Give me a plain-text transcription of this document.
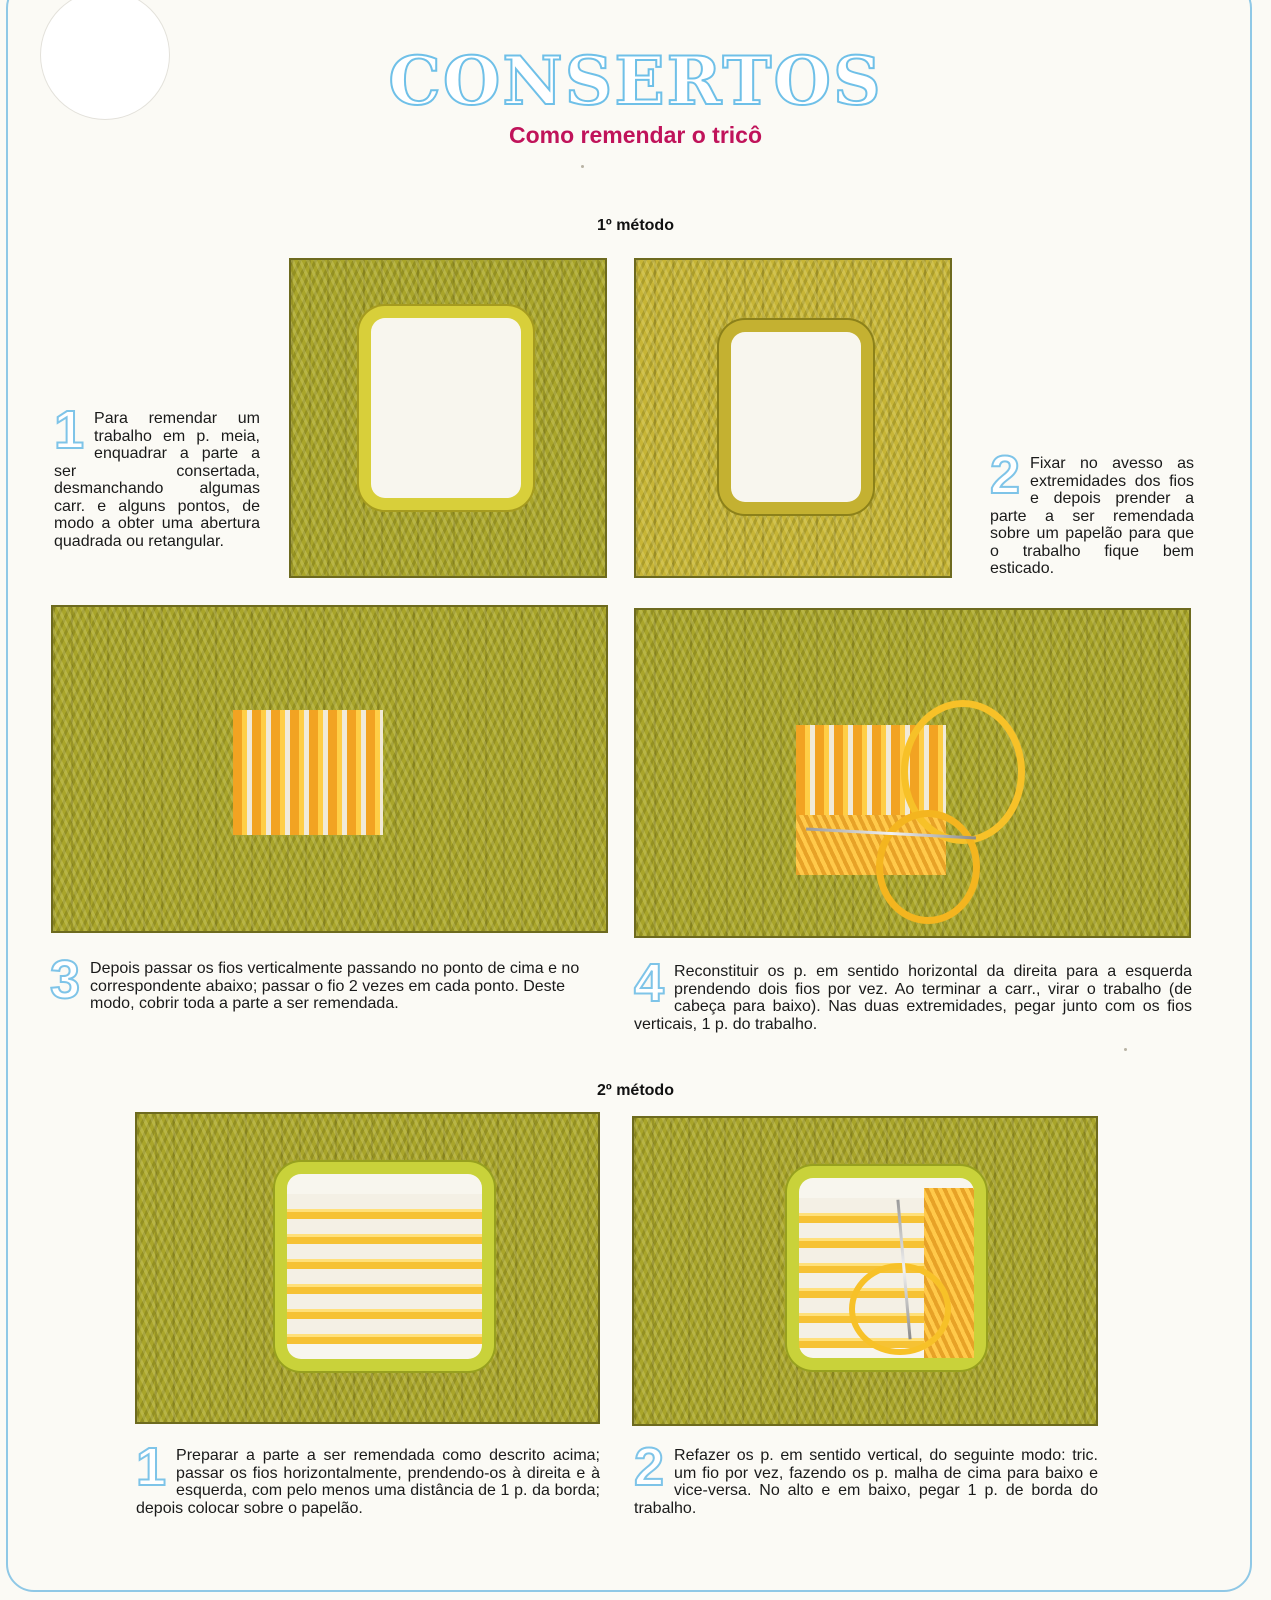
CONSERTOS
Como remendar o tricô
1º método
1 Para remendar um trabalho em p. meia, enquadrar a parte a ser consertada, desmanchando algumas carr. e alguns pontos, de modo a obter uma abertura quadrada ou retangular.
2 Fixar no avesso as extremidades dos fios e depois prender a parte a ser remendada sobre um papelão para que o trabalho fique bem esticado.
3 Depois passar os fios verticalmente passando no ponto de cima e no correspondente abaixo; passar o fio 2 vezes em cada ponto. Deste modo, cobrir toda a parte a ser remendada.	4 Reconstituir os p. em sentido horizontal da direita para a esquerda prendendo dois fios por vez. Ao terminar a carr., virar o trabalho (de cabeça para baixo). Nas duas extremidades, pegar junto com os fios verticais, 1 p. do trabalho.
2º método
1 Preparar a parte a ser remendada como descrito acima; passar os fios horizontalmente, prendendo-os à direita e à esquerda, com pelo menos uma distância de 1 p. da borda; depois colocar sobre o papelão.
2 Refazer os p. em sentido vertical, do seguinte modo: tric. um fio por vez, fazendo os p. malha de cima para baixo e vice-versa. No alto e em baixo, pegar 1 p. de borda do trabalho.
